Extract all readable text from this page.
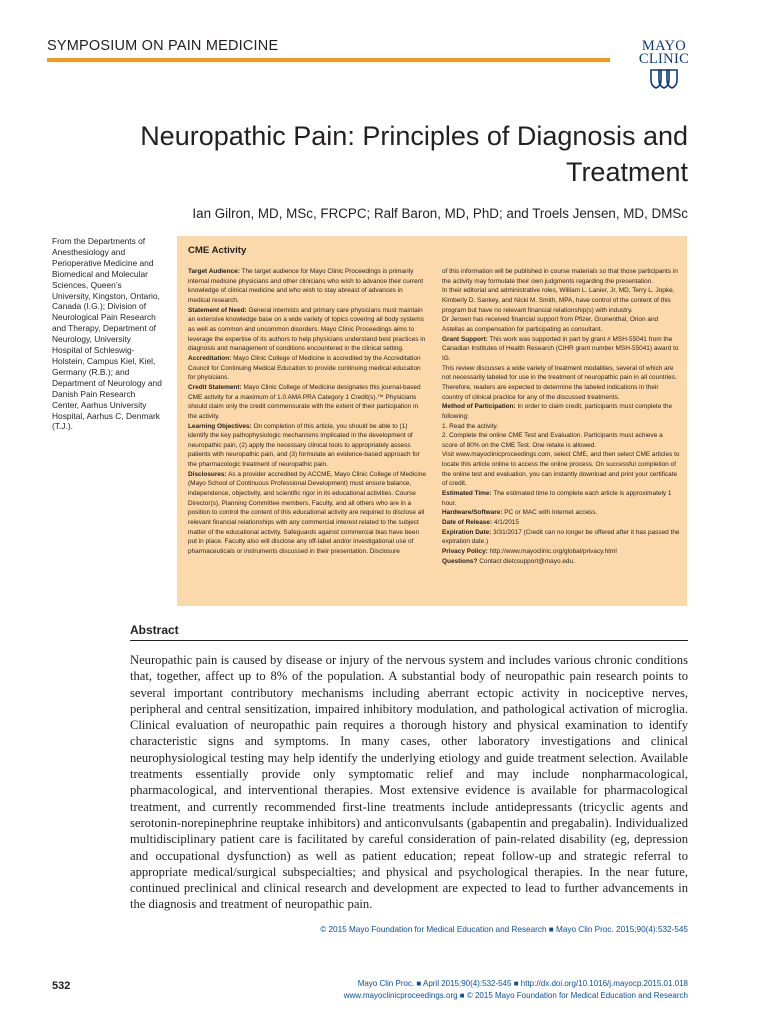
SYMPOSIUM ON PAIN MEDICINE	MAYO
CLINIC
Neuropathic Pain: Principles of Diagnosis and
Treatment
Ian Gilron, MD, MSc, FRCPC; Ralf Baron, MD, PhD; and Troels Jensen, MD, DMSc
From the Departments of Anesthesiology and Perioperative Medicine and Biomedical and Molecular Sciences, Queen’s University, Kingston, Ontario, Canada (I.G.); Division of Neurological Pain Research and Therapy, Department of Neurology, University Hospital of Schleswig-Holstein, Campus Kiel, Kiel, Germany (R.B.); and Department of Neurology and Danish Pain Research Center, Aarhus University Hospital, Aarhus C, Denmark (T.J.).
CME Activity

Target Audience: The target audience for Mayo Clinic Proceedings is primarily internal medicine physicians and other clinicians who wish to advance their current knowledge of clinical medicine and who wish to stay abreast of advances in medical research.

Statement of Need: General internists and primary care physicians must maintain an extensive knowledge base on a wide variety of topics covering all body systems as well as common and uncommon disorders. Mayo Clinic Proceedings aims to leverage the expertise of its authors to help physicians understand best practices in diagnosis and management of conditions encountered in the clinical setting.

Accreditation: Mayo Clinic College of Medicine is accredited by the Accreditation Council for Continuing Medical Education to provide continuing medical education for physicians.

Credit Statement: Mayo Clinic College of Medicine designates this journal-based CME activity for a maximum of 1.0 AMA PRA Category 1 Credit(s).™ Physicians should claim only the credit commensurate with the extent of their participation in the activity.

Learning Objectives: On completion of this article, you should be able to (1) identify the key pathophysiologic mechanisms implicated in the development of neuropathic pain, (2) apply the necessary clinical tools to appropriately assess patients with neuropathic pain, and (3) formulate an evidence-based approach for the pharmacologic treatment of neuropathic pain.

Disclosures: As a provider accredited by ACCME, Mayo Clinic College of Medicine (Mayo School of Continuous Professional Development) must ensure balance, independence, objectivity, and scientific rigor in its educational activities. Course Director(s), Planning Committee members, Faculty, and all others who are in a position to control the content of this educational activity are required to disclose all relevant financial relationships with any commercial interest related to the subject matter of the educational activity. Safeguards against commercial bias have been put in place. Faculty also will disclose any off-label and/or investigational use of pharmaceuticals or instruments discussed in their presentation. Disclosure

of this information will be published in course materials so that those participants in the activity may formulate their own judgments regarding the presentation.

In their editorial and administrative roles, William L. Lanier, Jr, MD, Terry L. Jopke, Kimberly D. Sankey, and Nicki M. Smith, MPA, have control of the content of this program but have no relevant financial relationship(s) with industry.

Dr Jensen has received financial support from Pfizer, Grunenthal, Orion and Astellas as compensation for participating as consultant.

Grant Support: This work was supported in part by grant # MSH-55041 from the Canadian Institutes of Health Research (CIHR grant number MSH-55041) award to IG.

This review discusses a wide variety of treatment modalities, several of which are not necessarily labeled for use in the treatment of neuropathic pain in all countries. Therefore, readers are expected to determine the labeled indications in their country of clinical practice for any of the discussed treatments.

Method of Participation: In order to claim credit, participants must complete the following:

1. Read the activity.

2. Complete the online CME Test and Evaluation. Participants must achieve a score of 80% on the CME Test. One retake is allowed.

Visit www.mayoclinicproceedings.com, select CME, and then select CME articles to locate this article online to access the online process. On successful completion of the online test and evaluation, you can instantly download and print your certificate of credit.

Estimated Time: The estimated time to complete each article is approximately 1 hour.

Hardware/Software: PC or MAC with Internet access.

Date of Release: 4/1/2015

Expiration Date: 3/31/2017 (Credit can no longer be offered after it has passed the expiration date.)

Privacy Policy: http://www.mayoclinic.org/global/privacy.html

Questions? Contact dletcsupport@mayo.edu.

Abstract

Neuropathic pain is caused by disease or injury of the nervous system and includes various chronic conditions that, together, affect up to 8% of the population. A substantial body of neuropathic pain research points to several important contributory mechanisms including aberrant ectopic activity in nociceptive nerves, peripheral and central sensitization, impaired inhibitory modulation, and pathological activation of microglia. Clinical evaluation of neuropathic pain requires a thorough history and physical examination to identify characteristic signs and symptoms. In many cases, other laboratory investigations and clinical neurophysiological testing may help identify the underlying etiology and guide treatment selection. Available treatments essentially provide only symptomatic relief and may include nonpharmacological, pharmacological, and interventional therapies. Most extensive evidence is available for pharmacological treatment, and currently recommended first-line treatments include antidepressants (tricyclic agents and serotonin-norepinephrine reuptake inhibitors) and anticonvulsants (gabapentin and pregabalin). Individualized multidisciplinary patient care is facilitated by careful consideration of pain-related disability (eg, depression and occupational dysfunction) as well as patient education; repeat follow-up and strategic referral to appropriate medical/surgical subspecialties; and physical and psychological therapies. In the near future, continued preclinical and clinical research and development are expected to lead to further advancements in the diagnosis and treatment of neuropathic pain.

© 2015 Mayo Foundation for Medical Education and Research ■ Mayo Clin Proc. 2015;90(4):532-545
532	Mayo Clin Proc. ■ April 2015;90(4):532-545 ■ http://dx.doi.org/10.1016/j.mayocp.2015.01.018
www.mayoclinicproceedings.org ■ © 2015 Mayo Foundation for Medical Education and Research
